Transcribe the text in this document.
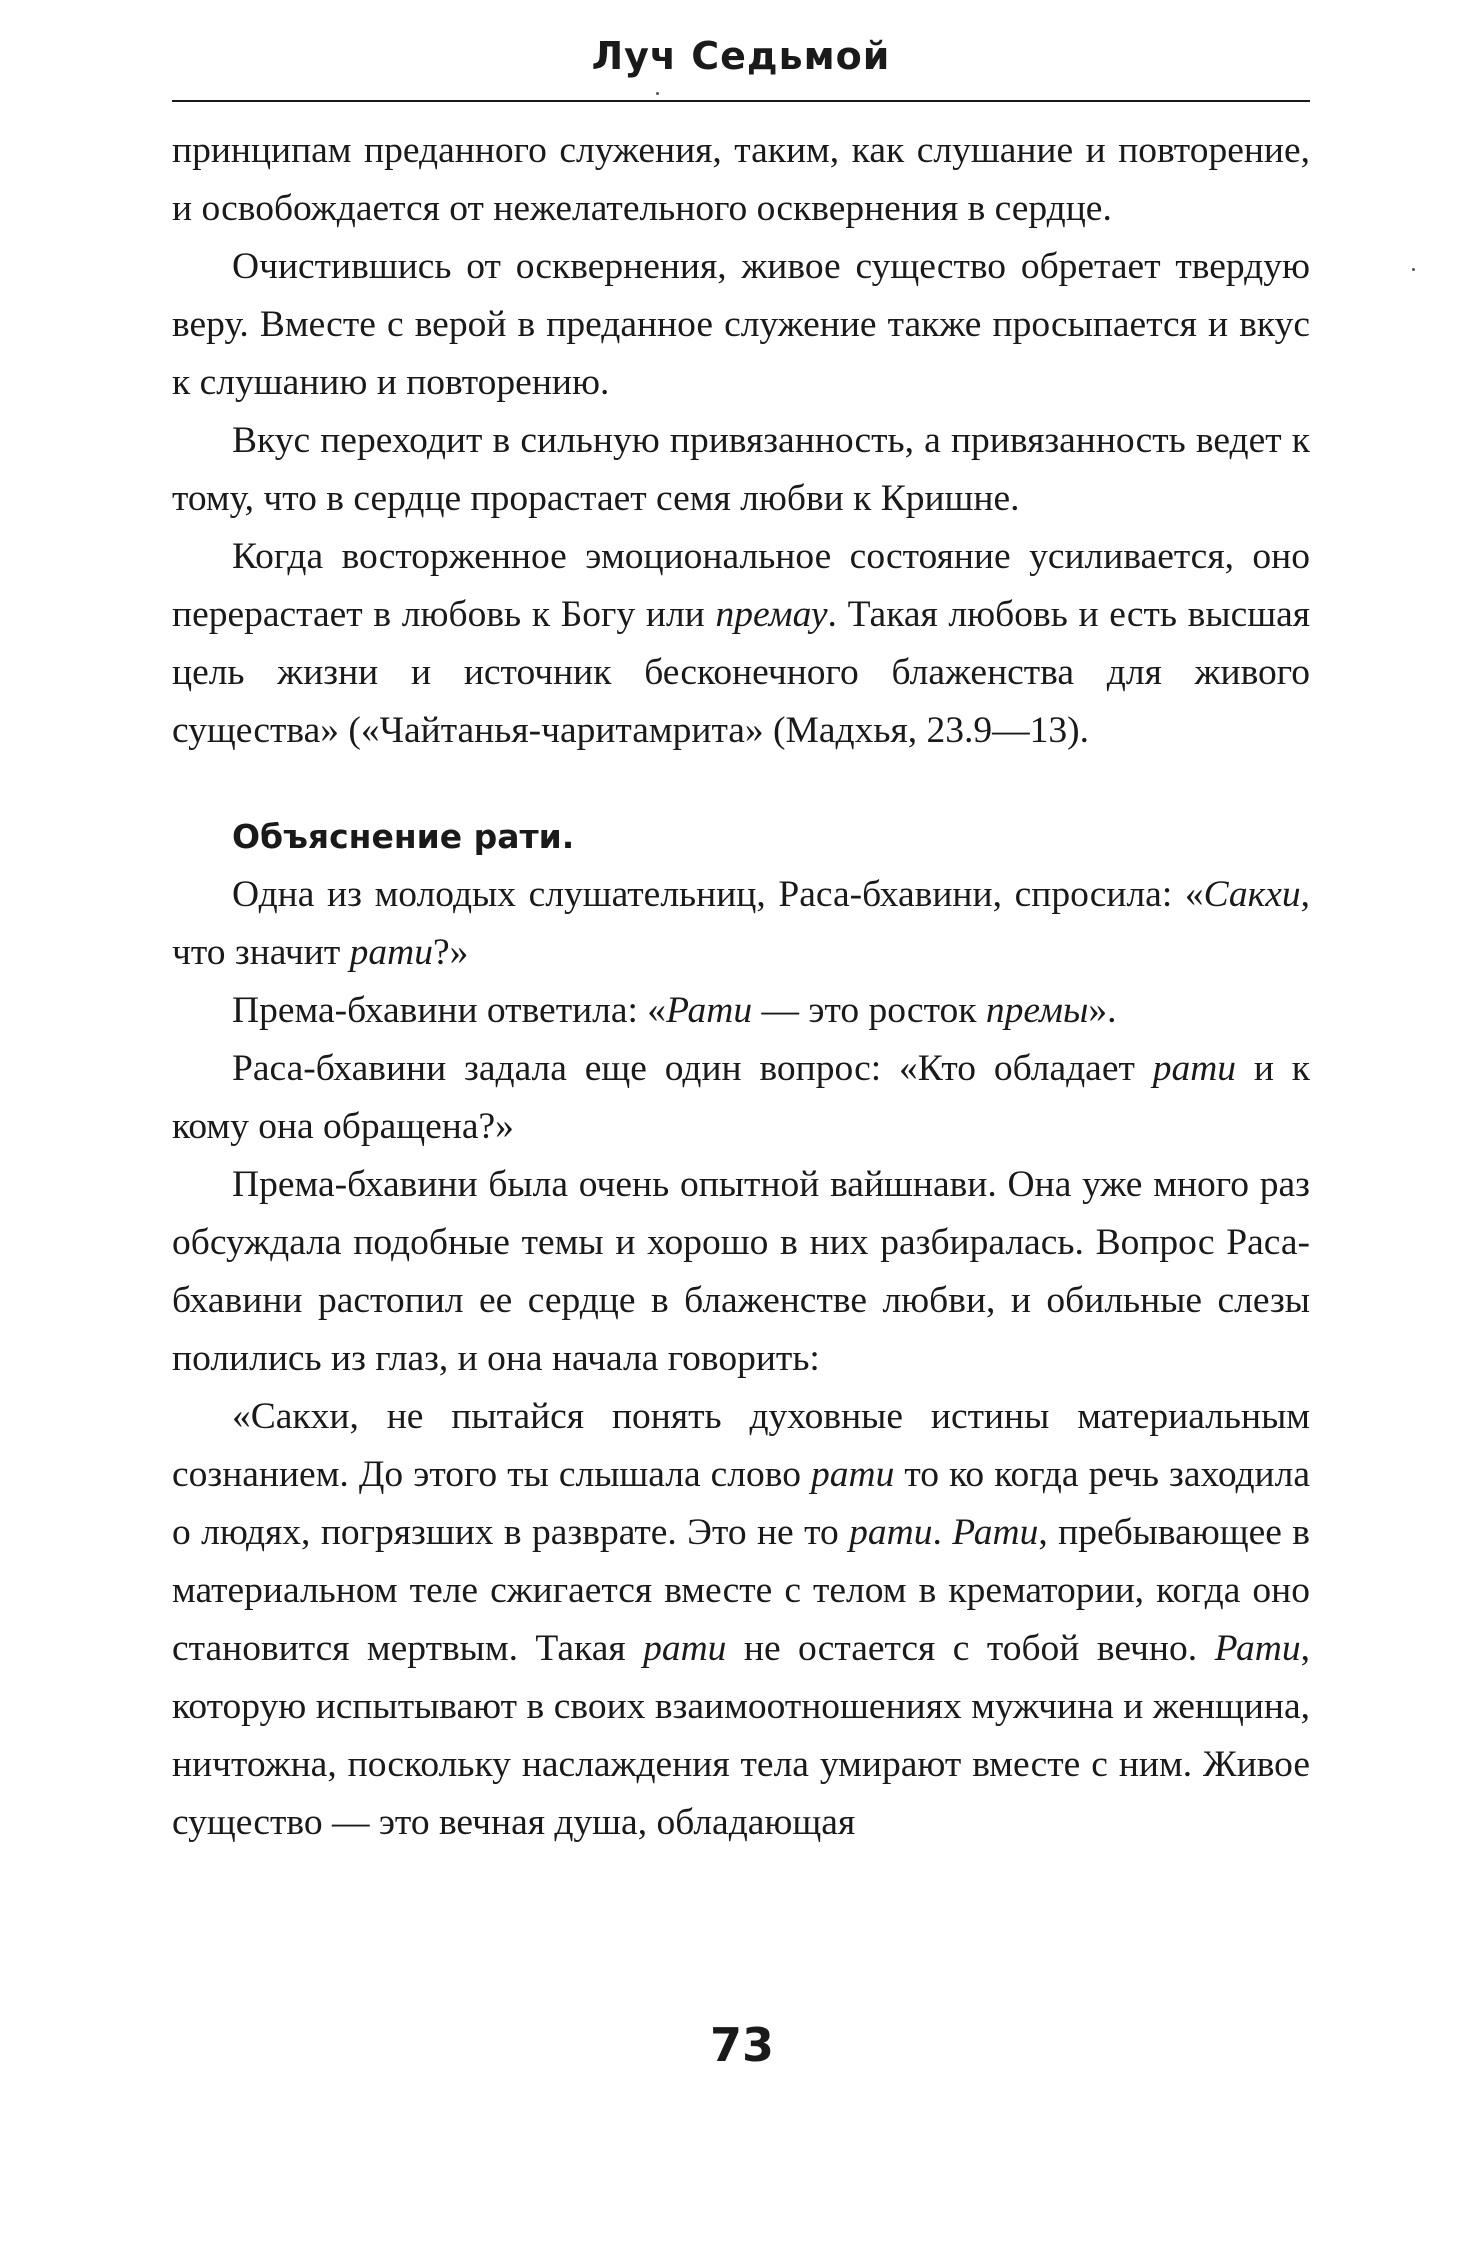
Луч Седьмой

принципам преданного служения, таким, как слушание и повторение, и освобождается от нежелательного осквернения в сердце.

Очистившись от осквернения, живое существо обретает твердую веру. Вместе с верой в преданное служение также просыпается и вкус к слушанию и повторению.

Вкус переходит в сильную привязанность, а привязанность ведет к тому, что в сердце прорастает семя любви к Кришне.

Когда восторженное эмоциональное состояние усиливается, оно перерастает в любовь к Богу или премау. Такая любовь и есть высшая цель жизни и источник бесконечного блаженства для живого существа» («Чайтанья-чаритамрита» (Мадхья, 23.9—13).

Объяснение рати.

Одна из молодых слушательниц, Раса-бхавини, спросила: «Сакхи, что значит рати?»

Према-бхавини ответила: «Рати — это росток премы».

Раса-бхавини задала еще один вопрос: «Кто обладает рати и к кому она обращена?»

Према-бхавини была очень опытной вайшнави. Она уже много раз обсуждала подобные темы и хорошо в них разбиралась. Вопрос Раса-бхавини растопил ее сердце в блаженстве любви, и обильные слезы полились из глаз, и она начала говорить:

«Сакхи, не пытайся понять духовные истины материальным сознанием. До этого ты слышала слово рати то ко когда речь заходила о людях, погрязших в разврате. Это не то рати. Рати, пребывающее в материальном теле сжигается вместе с телом в крематории, когда оно становится мертвым. Такая рати не остается с тобой вечно. Рати, которую испытывают в своих взаимоотношениях мужчина и женщина, ничтожна, поскольку наслаждения тела умирают вместе с ним. Живое существо — это вечная душа, обладающая

73
